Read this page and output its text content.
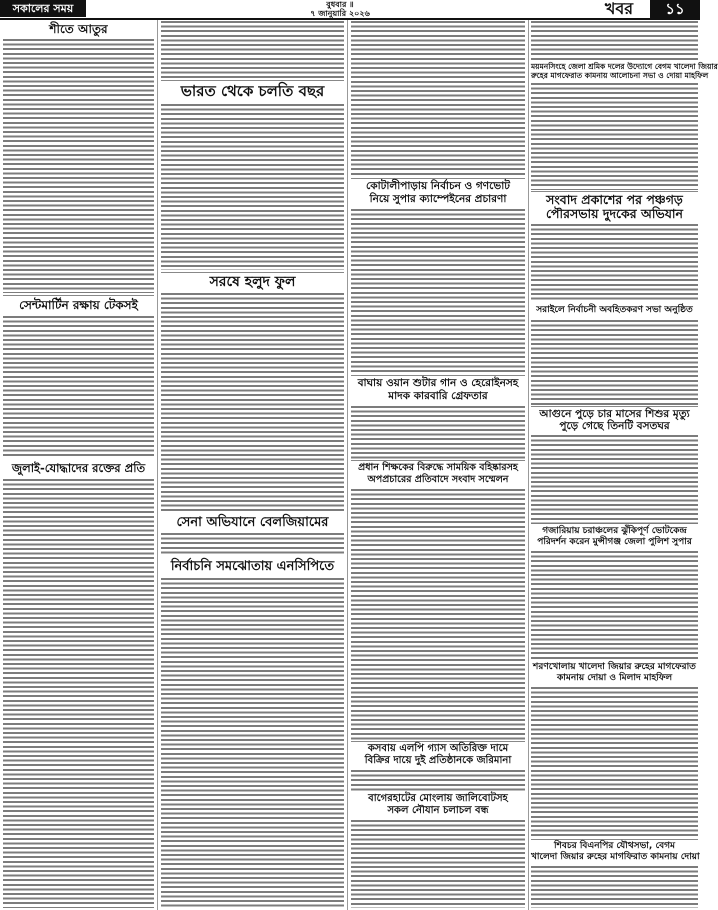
সকালের সময়	বুধবার ॥
৭ জানুয়ারি ২০২৬	খবর	১১
শীতে আতুর
সেন্টমার্টিন রক্ষায় টেকসই
জুলাই-যোদ্ধাদের রক্তের প্রতি
ভারত থেকে চলতি বছর
সরষে হলুদ ফুল
সেনা অভিযানে বেলজিয়ামের
নির্বাচনি সমঝোতায় এনসিপিতে
কোটালীপাড়ায় নির্বাচন ও গণভোট
নিয়ে সুপার ক্যাম্পেইনের প্রচারণা
বাঘায় ওয়ান শুটার গান ও হেরোইনসহ
মাদক কারবারি গ্রেফতার
প্রধান শিক্ষকের বিরুদ্ধে সাময়িক বহিষ্কারসহ
অপপ্রচারের প্রতিবাদে সংবাদ সম্মেলন
কসবায় এলপি গ্যাস অতিরিক্ত দামে
বিক্রির দায়ে দুই প্রতিষ্ঠানকে জরিমানা
বাগেরহাটের মোংলায় জালিবোটসহ
সকল নৌযান চলাচল বন্ধ
ময়মনসিংহে জেলা শ্রমিক দলের উদ্যোগে বেগম খালেদা জিয়ার
রুহের মাগফেরাত কামনায় আলোচনা সভা ও দোয়া মাহফিল
সংবাদ প্রকাশের পর পঞ্চগড়
পৌরসভায় দুদকের অভিযান
সরাইলে নির্বাচনী অবহিতকরণ সভা অনুষ্ঠিত
আগুনে পুড়ে চার মাসের শিশুর মৃত্যু
পুড়ে গেছে তিনটি বসতঘর
গজারিয়ায় চরাঞ্চলের ঝুঁকিপূর্ণ ভোটকেন্দ্র
পরিদর্শন করেন মুন্সীগঞ্জ জেলা পুলিশ সুপার
শরণখোলায় খালেদা জিয়ার রুহের মাগফেরাত
কামনায় দোয়া ও মিলাদ মাহফিল
শিবচর বিএনপির যৌথসভা, বেগম
খালেদা জিয়ার রুহের মাগফিরাত কামনায় দোয়া
